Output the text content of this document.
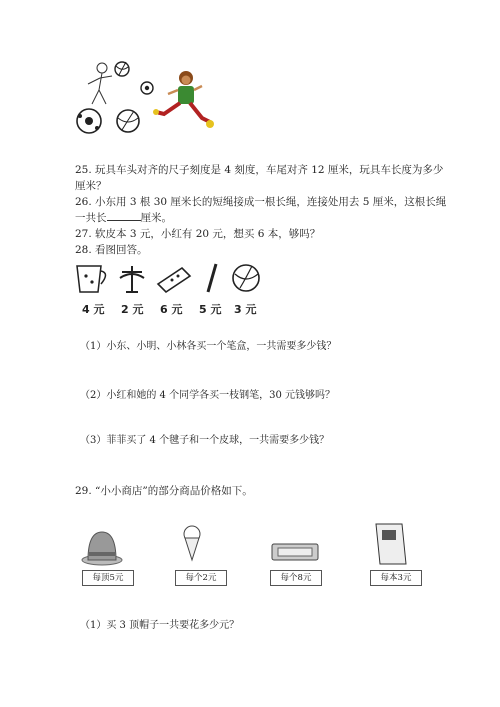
25. 玩具车头对齐的尺子刻度是 4 刻度，车尾对齐 12 厘米，玩具车长度为多少
厘米？
26. 小东用 3 根 30 厘米长的短绳接成一根长绳，连接处用去 5 厘米，这根长绳
一共长	厘米。
27. 软皮本 3 元，小红有 20 元，想买 6 本，够吗？
28. 看图回答。
4 元 2 元 6 元 5 元 3 元
（1）小东、小明、小林各买一个笔盒，一共需要多少钱？
（2）小红和她的 4 个同学各买一枝钢笔，30 元钱够吗？
（3）菲菲买了 4 个毽子和一个皮球，一共需要多少钱？
29. “小小商店”的部分商品价格如下。
每顶5元	每个2元	每个8元	每本3元
（1）买 3 顶帽子一共要花多少元？
